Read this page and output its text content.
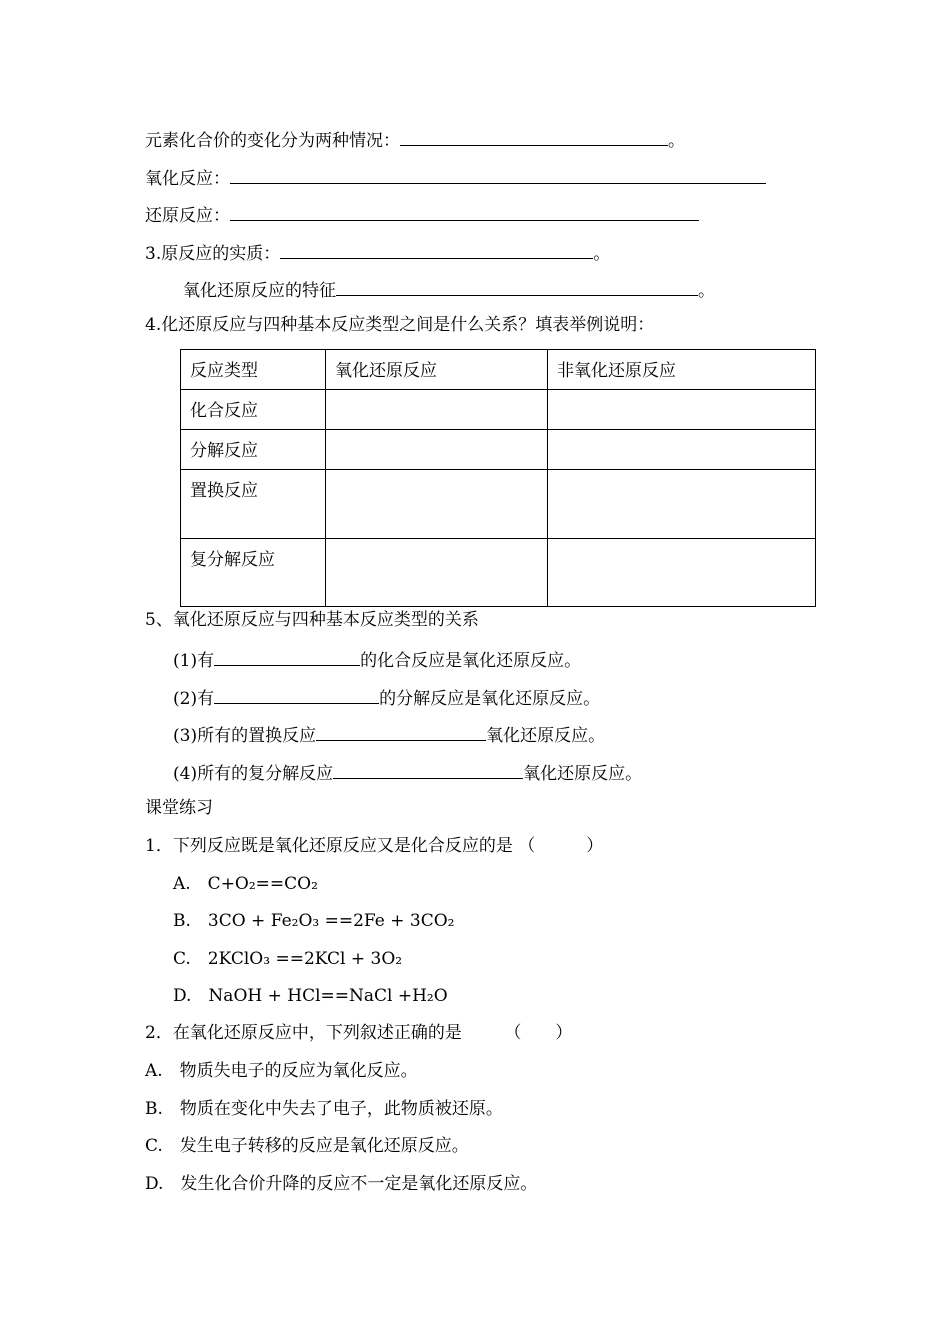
元素化合价的变化分为两种情况：	。
氧化反应：
还原反应：
3.原反应的实质：	。
氧化还原反应的特征	。
4.化还原反应与四种基本反应类型之间是什么关系？填表举例说明：
反应类型	氧化还原反应	非氧化还原反应
化合反应		
分解反应		
置换反应		
复分解反应		
5、氧化还原反应与四种基本反应类型的关系
(1)有	的化合反应是氧化还原反应。
(2)有	的分解反应是氧化还原反应。
(3)所有的置换反应	氧化还原反应。
(4)所有的复分解反应	氧化还原反应。
课堂练习
1．下列反应既是氧化还原反应又是化合反应的是 （　　　）
A.　C+O₂==CO₂
B.　3CO + Fe₂O₃ ==2Fe + 3CO₂
C.　2KClO₃ ==2KCl + 3O₂
D.　NaOH + HCl==NaCl +H₂O
2．在氧化还原反应中，下列叙述正确的是　　　（　　）
A.　物质失电子的反应为氧化反应。
B.　物质在变化中失去了电子，此物质被还原。
C.　发生电子转移的反应是氧化还原反应。
D.　发生化合价升降的反应不一定是氧化还原反应。
